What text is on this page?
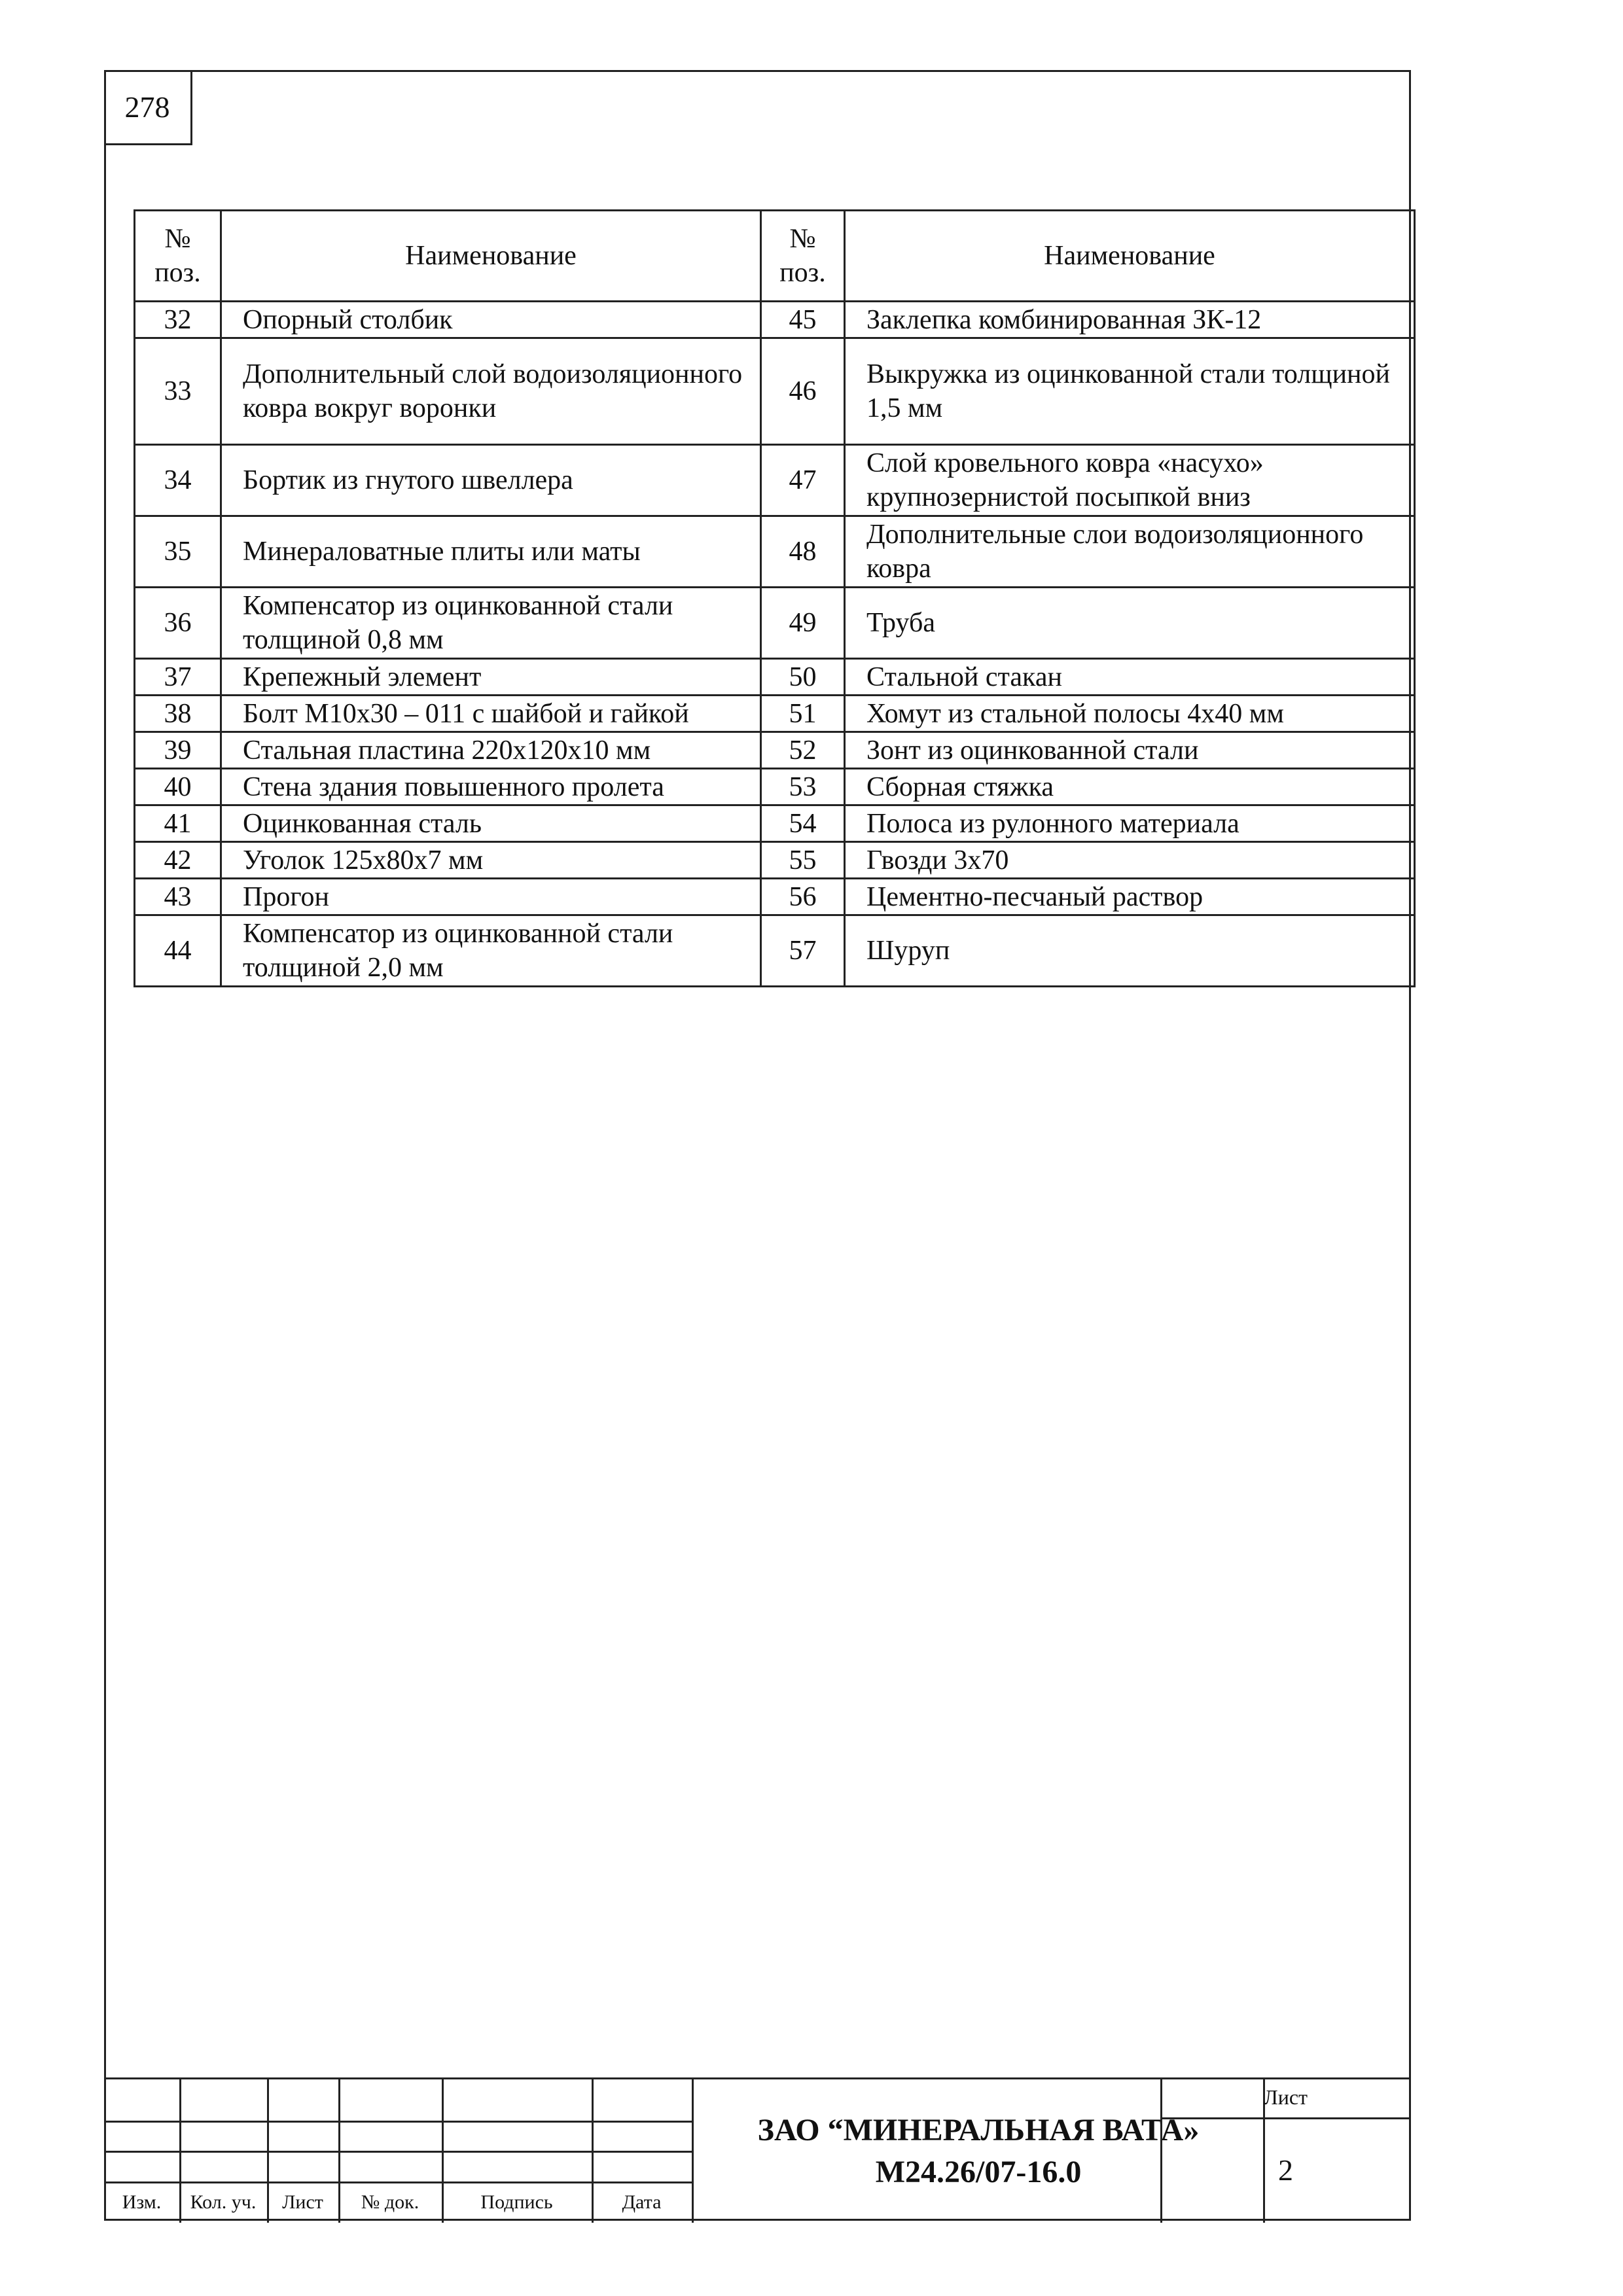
278
№ поз.	Наименование	№ поз.	Наименование
32	Опорный столбик	45	Заклепка комбинированная ЗК-12
33	Дополнительный слой водоизоляционного ковра вокруг воронки	46	Выкружка из оцинкованной стали толщиной 1,5 мм
34	Бортик из гнутого швеллера	47	Слой кровельного ковра «насухо» крупнозернистой посыпкой вниз
35	Минераловатные плиты или маты	48	Дополнительные слои водоизоляционного ковра
36	Компенсатор из оцинкованной стали толщиной 0,8 мм	49	Труба
37	Крепежный элемент	50	Стальной стакан
38	Болт М10х30 – 011 с шайбой и гайкой	51	Хомут из стальной полосы 4х40 мм
39	Стальная пластина 220х120х10 мм	52	Зонт из оцинкованной стали
40	Стена здания повышенного пролета	53	Сборная стяжка
41	Оцинкованная сталь	54	Полоса из рулонного материала
42	Уголок 125х80х7 мм	55	Гвозди 3х70
43	Прогон	56	Цементно-песчаный раствор
44	Компенсатор из оцинкованной стали толщиной 2,0 мм	57	Шуруп
Изм.	Кол. уч.	Лист	№ док.	Подпись	Дата
ЗАО “МИНЕРАЛЬНАЯ ВАТА»
М24.26/07-16.0
Лист
2
